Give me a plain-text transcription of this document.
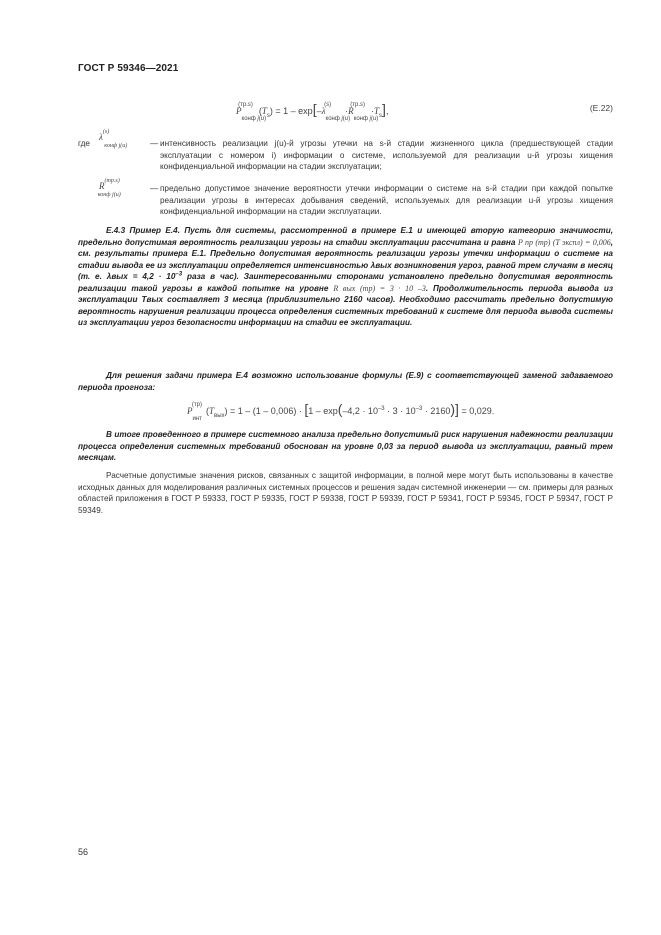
ГОСТ Р 59346—2021
$P_{конф j(u)}^{(тр.s)}(T_s) = 1 - \exp[-\lambda_{конф j(u)}^{(s)}\cdot R_{конф j(u)}^{(тр.s)}\cdot T_s]$,	(Е.22)
где
$\lambda^{(s)}_{конф j(u)}$	— интенсивность реализации j(u)-й угрозы утечки на s-й стадии жизненного цикла (предшествующей стадии эксплуатации с номером i) информации о системе, используемой для реализации u-й угрозы хищения конфиденциальной информации на стадии эксплуатации;
$R^{(тр.s)}_{конф j(u)}$
— предельно допустимое значение вероятности утечки информации о системе на s-й стадии при каждой попытке реализации угрозы в интересах добывания сведений, используемых для реализации u-й угрозы хищения конфиденциальной информации на стадии эксплуатации.
Е.4.3 Пример Е.4. Пусть для системы, рассмотренной в примере Е.1 и имеющей вторую категорию значимости, предельно допустимая вероятность реализации угрозы на стадии эксплуатации рассчитана и равна P пр (тр) (T экспл) = 0,006, см. результаты примера Е.1. Предельно допустимая вероятность реализации угрозы утечки информации о системе на стадии вывода ее из эксплуатации определяется интенсивностью λвых возникновения угроз, равной трем случаям в месяц (т. е. $\lambda вых = 4,2 \cdot 10^{-3}$ раза в час). Заинтересованными сторонами установлено предельно допустимая вероятность реализации такой угрозы в каждой попытке на уровне R вых (тр) = 3 · 10 –3. Продолжительность периода вывода из эксплуатации Tвых составляет 3 месяца (приблизительно 2160 часов). Необходимо рассчитать предельно допустимую вероятность нарушения реализации процесса определения системных требований к системе для периода вывода системы из эксплуатации угроз безопасности информации на стадии ее эксплуатации.
Для решения задачи примера Е.4 возможно использование формулы (Е.9) с соответствующей заменой задаваемого периода прогноза:
$P_{инт}^{(тр)}(T_{вых}) = 1 - (1 - 0,006) \cdot [1 - \exp(-4,2 \cdot 10^{-3} \cdot 3 \cdot 10^{-3} \cdot 2160)] = 0,029$.
В итоге проведенного в примере системного анализа предельно допустимый риск нарушения надежности реализации процесса определения системных требований обоснован на уровне 0,03 за период вывода из эксплуатации, равный трем месяцам.
Расчетные допустимые значения рисков, связанных с защитой информации, в полной мере могут быть использованы в качестве исходных данных для моделирования различных системных процессов и решения задач системной инженерии — см. примеры для разных областей приложения в ГОСТ Р 59333, ГОСТ Р 59335, ГОСТ Р 59338, ГОСТ Р 59339, ГОСТ Р 59341, ГОСТ Р 59345, ГОСТ Р 59347, ГОСТ Р 59349.
56
